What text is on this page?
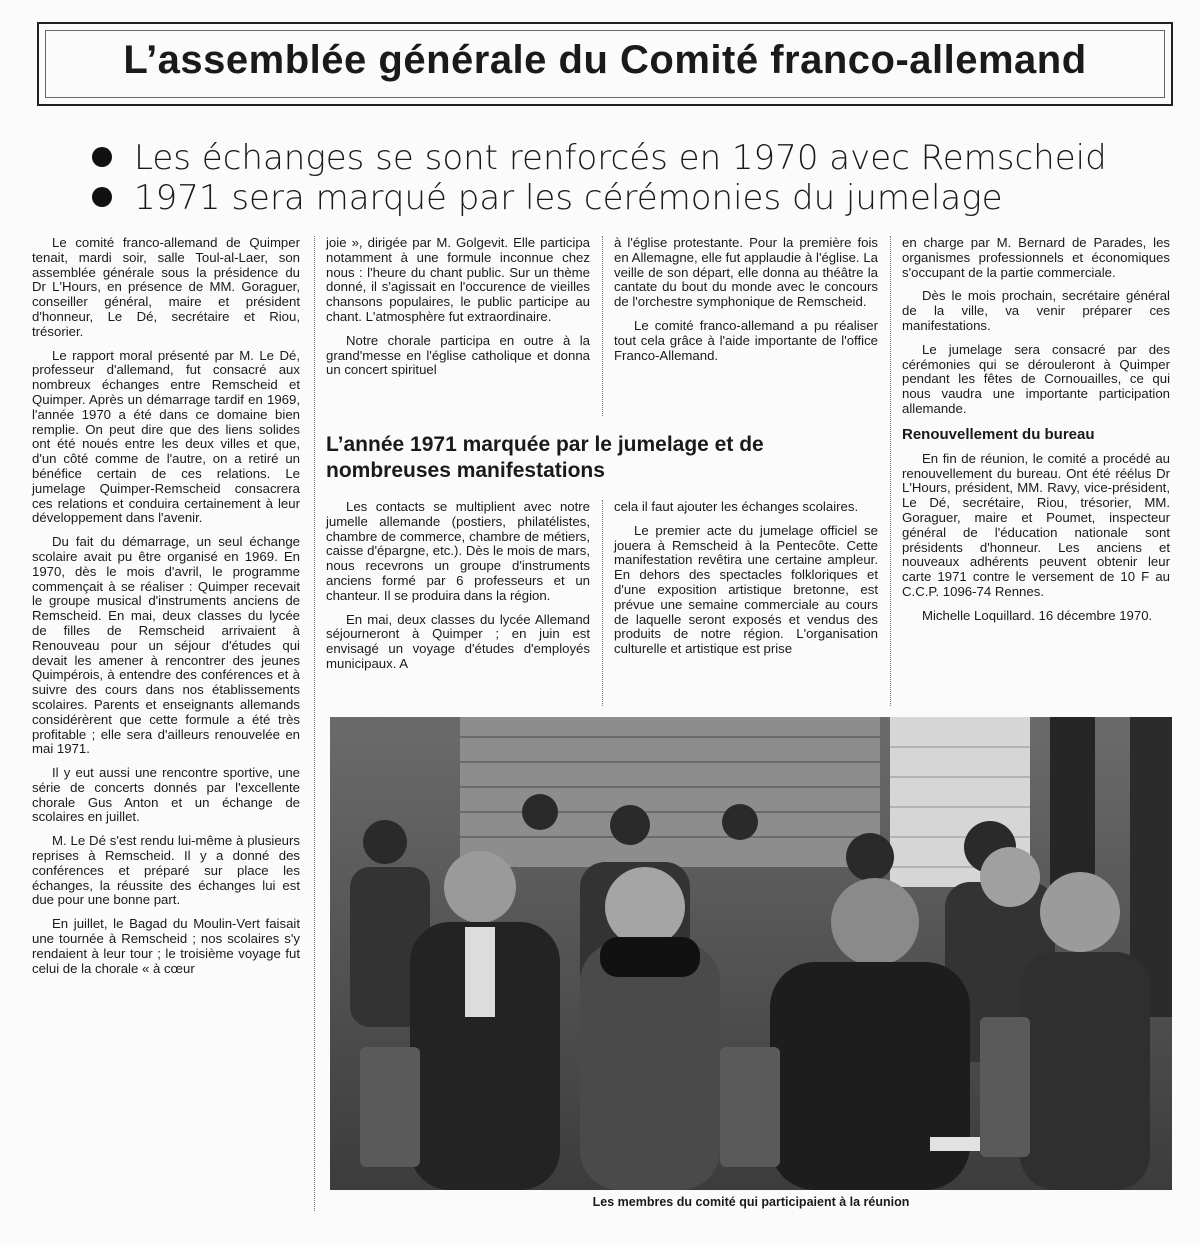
L’assemblée générale du Comité franco-allemand
Les échanges se sont renforcés en 1970 avec Remscheid
1971 sera marqué par les cérémonies du jumelage

Le comité franco-allemand de Quimper tenait, mardi soir, salle Toul-al-Laer, son assemblée générale sous la présidence du Dr L'Hours, en présence de MM. Goraguer, conseiller général, maire et président d'honneur, Le Dé, secrétaire et Riou, trésorier.

Le rapport moral présenté par M. Le Dé, professeur d'allemand, fut consacré aux nombreux échanges entre Remscheid et Quimper. Après un démarrage tardif en 1969, l'année 1970 a été dans ce domaine bien remplie. On peut dire que des liens solides ont été noués entre les deux villes et que, d'un côté comme de l'autre, on a retiré un bénéfice certain de ces relations. Le jumelage Quimper-Remscheid consacrera ces relations et conduira certainement à leur développement dans l'avenir.

Du fait du démarrage, un seul échange scolaire avait pu être organisé en 1969. En 1970, dès le mois d'avril, le programme commençait à se réaliser : Quimper recevait le groupe musical d'instruments anciens de Remscheid. En mai, deux classes du lycée de filles de Remscheid arrivaient à Renouveau pour un séjour d'études qui devait les amener à rencontrer des jeunes Quimpérois, à entendre des conférences et à suivre des cours dans nos établissements scolaires. Parents et enseignants allemands considérèrent que cette formule a été très profitable ; elle sera d'ailleurs renouvelée en mai 1971.

Il y eut aussi une rencontre sportive, une série de concerts donnés par l'excellente chorale Gus Anton et un échange de scolaires en juillet.

M. Le Dé s'est rendu lui-même à plusieurs reprises à Remscheid. Il y a donné des conférences et préparé sur place les échanges, la réussite des échanges lui est due pour une bonne part.

En juillet, le Bagad du Moulin-Vert faisait une tournée à Remscheid ; nos scolaires s'y rendaient à leur tour ; le troisième voyage fut celui de la chorale « à cœur

joie », dirigée par M. Golgevit. Elle participa notamment à une formule inconnue chez nous : l'heure du chant public. Sur un thème donné, il s'agissait en l'occurence de vieilles chansons populaires, le public participe au chant. L'atmosphère fut extraordinaire.

Notre chorale participa en outre à la grand'messe en l'église catholique et donna un concert spirituel

à l'église protestante. Pour la première fois en Allemagne, elle fut applaudie à l'église. La veille de son départ, elle donna au théâtre la cantate du bout du monde avec le concours de l'orchestre symphonique de Remscheid.

Le comité franco-allemand a pu réaliser tout cela grâce à l'aide importante de l'office Franco-Allemand.

L’année 1971 marquée par le jumelage et de nombreuses manifestations

Les contacts se multiplient avec notre jumelle allemande (postiers, philatélistes, chambre de commerce, chambre de métiers, caisse d'épargne, etc.). Dès le mois de mars, nous recevrons un groupe d'instruments anciens formé par 6 professeurs et un chanteur. Il se produira dans la région.

En mai, deux classes du lycée Allemand séjourneront à Quimper ; en juin est envisagé un voyage d'études d'employés municipaux. A

cela il faut ajouter les échanges scolaires.

Le premier acte du jumelage officiel se jouera à Remscheid à la Pentecôte. Cette manifestation revêtira une certaine ampleur. En dehors des spectacles folkloriques et d'une exposition artistique bretonne, est prévue une semaine commerciale au cours de laquelle seront exposés et vendus des produits de notre région. L'organisation culturelle et artistique est prise

en charge par M. Bernard de Parades, les organismes professionnels et économiques s'occupant de la partie commerciale.

Dès le mois prochain, secrétaire général de la ville, va venir préparer ces manifestations.

Le jumelage sera consacré par des cérémonies qui se dérouleront à Quimper pendant les fêtes de Cornouailles, ce qui nous vaudra une importante participation allemande.

Renouvellement du bureau

En fin de réunion, le comité a procédé au renouvellement du bureau. Ont été réélus Dr L'Hours, président, MM. Ravy, vice-président, Le Dé, secrétaire, Riou, trésorier, MM. Goraguer, maire et Poumet, inspecteur général de l'éducation nationale sont présidents d'honneur. Les anciens et nouveaux adhérents peuvent obtenir leur carte 1971 contre le versement de 10 F au C.C.P. 1096-74 Rennes.

Michelle Loquillard. 16 décembre 1970.

Les membres du comité qui participaient à la réunion
